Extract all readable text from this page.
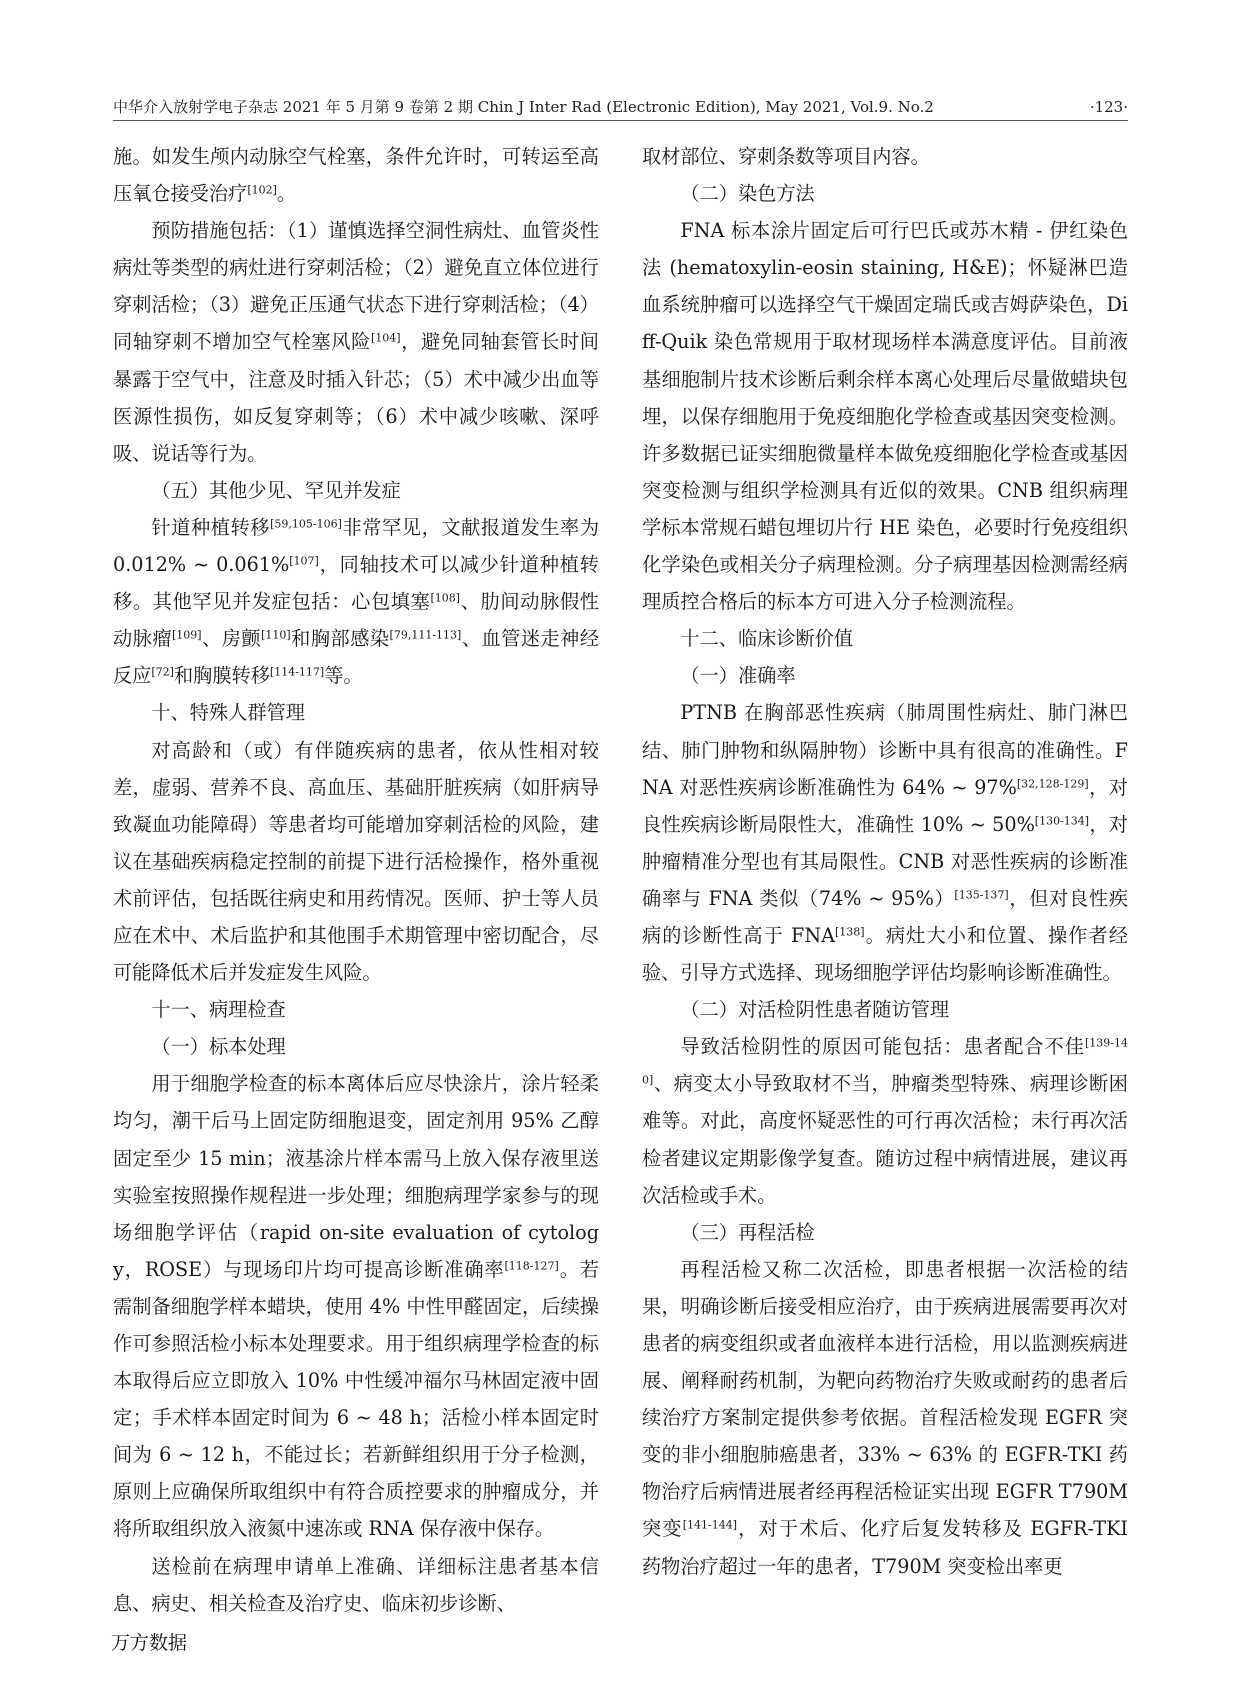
中华介入放射学电子杂志 2021 年 5 月第 9 卷第 2 期 Chin J Inter Rad (Electronic Edition), May 2021, Vol.9. No.2	·123·

施。如发生颅内动脉空气栓塞，条件允许时，可转运至高压氧仓接受治疗[102]。

预防措施包括：（1）谨慎选择空洞性病灶、血管炎性病灶等类型的病灶进行穿刺活检；（2）避免直立体位进行穿刺活检；（3）避免正压通气状态下进行穿刺活检；（4）同轴穿刺不增加空气栓塞风险[104]，避免同轴套管长时间暴露于空气中，注意及时插入针芯；（5）术中减少出血等医源性损伤，如反复穿刺等；（6）术中减少咳嗽、深呼吸、说话等行为。

（五）其他少见、罕见并发症

针道种植转移[59,105-106]非常罕见，文献报道发生率为 0.012% ~ 0.061%[107]，同轴技术可以减少针道种植转移。其他罕见并发症包括：心包填塞[108]、肋间动脉假性动脉瘤[109]、房颤[110]和胸部感染[79,111-113]、血管迷走神经反应[72]和胸膜转移[114-117]等。

十、特殊人群管理

对高龄和（或）有伴随疾病的患者，依从性相对较差，虚弱、营养不良、高血压、基础肝脏疾病（如肝病导致凝血功能障碍）等患者均可能增加穿刺活检的风险，建议在基础疾病稳定控制的前提下进行活检操作，格外重视术前评估，包括既往病史和用药情况。医师、护士等人员应在术中、术后监护和其他围手术期管理中密切配合，尽可能降低术后并发症发生风险。

十一、病理检查

（一）标本处理

用于细胞学检查的标本离体后应尽快涂片，涂片轻柔均匀，潮干后马上固定防细胞退变，固定剂用 95% 乙醇固定至少 15 min；液基涂片样本需马上放入保存液里送实验室按照操作规程进一步处理；细胞病理学家参与的现场细胞学评估（rapid on-site evaluation of cytology，ROSE）与现场印片均可提高诊断准确率[118-127]。若需制备细胞学样本蜡块，使用 4% 中性甲醛固定，后续操作可参照活检小标本处理要求。用于组织病理学检查的标本取得后应立即放入 10% 中性缓冲福尔马林固定液中固定；手术样本固定时间为 6 ~ 48 h；活检小样本固定时间为 6 ~ 12 h，不能过长；若新鲜组织用于分子检测，原则上应确保所取组织中有符合质控要求的肿瘤成分，并将所取组织放入液氮中速冻或 RNA 保存液中保存。

送检前在病理申请单上准确、详细标注患者基本信息、病史、相关检查及治疗史、临床初步诊断、

取材部位、穿刺条数等项目内容。

（二）染色方法

FNA 标本涂片固定后可行巴氏或苏木精 - 伊红染色法 (hematoxylin-eosin staining, H&E)；怀疑淋巴造血系统肿瘤可以选择空气干燥固定瑞氏或吉姆萨染色，Diff-Quik 染色常规用于取材现场样本满意度评估。目前液基细胞制片技术诊断后剩余样本离心处理后尽量做蜡块包埋，以保存细胞用于免疫细胞化学检查或基因突变检测。许多数据已证实细胞微量样本做免疫细胞化学检查或基因突变检测与组织学检测具有近似的效果。CNB 组织病理学标本常规石蜡包埋切片行 HE 染色，必要时行免疫组织化学染色或相关分子病理检测。分子病理基因检测需经病理质控合格后的标本方可进入分子检测流程。

十二、临床诊断价值

（一）准确率

PTNB 在胸部恶性疾病（肺周围性病灶、肺门淋巴结、肺门肿物和纵隔肿物）诊断中具有很高的准确性。FNA 对恶性疾病诊断准确性为 64% ~ 97%[32,128-129]，对良性疾病诊断局限性大，准确性 10% ~ 50%[130-134]，对肿瘤精准分型也有其局限性。CNB 对恶性疾病的诊断准确率与 FNA 类似（74% ~ 95%）[135-137]，但对良性疾病的诊断性高于 FNA[138]。病灶大小和位置、操作者经验、引导方式选择、现场细胞学评估均影响诊断准确性。

（二）对活检阴性患者随访管理

导致活检阴性的原因可能包括：患者配合不佳[139-140]、病变太小导致取材不当，肿瘤类型特殊、病理诊断困难等。对此，高度怀疑恶性的可行再次活检；未行再次活检者建议定期影像学复查。随访过程中病情进展，建议再次活检或手术。

（三）再程活检

再程活检又称二次活检，即患者根据一次活检的结果，明确诊断后接受相应治疗，由于疾病进展需要再次对患者的病变组织或者血液样本进行活检，用以监测疾病进展、阐释耐药机制，为靶向药物治疗失败或耐药的患者后续治疗方案制定提供参考依据。首程活检发现 EGFR 突变的非小细胞肺癌患者，33% ~ 63% 的 EGFR-TKI 药物治疗后病情进展者经再程活检证实出现 EGFR T790M 突变[141-144]，对于术后、化疗后复发转移及 EGFR-TKI 药物治疗超过一年的患者，T790M 突变检出率更

万方数据
